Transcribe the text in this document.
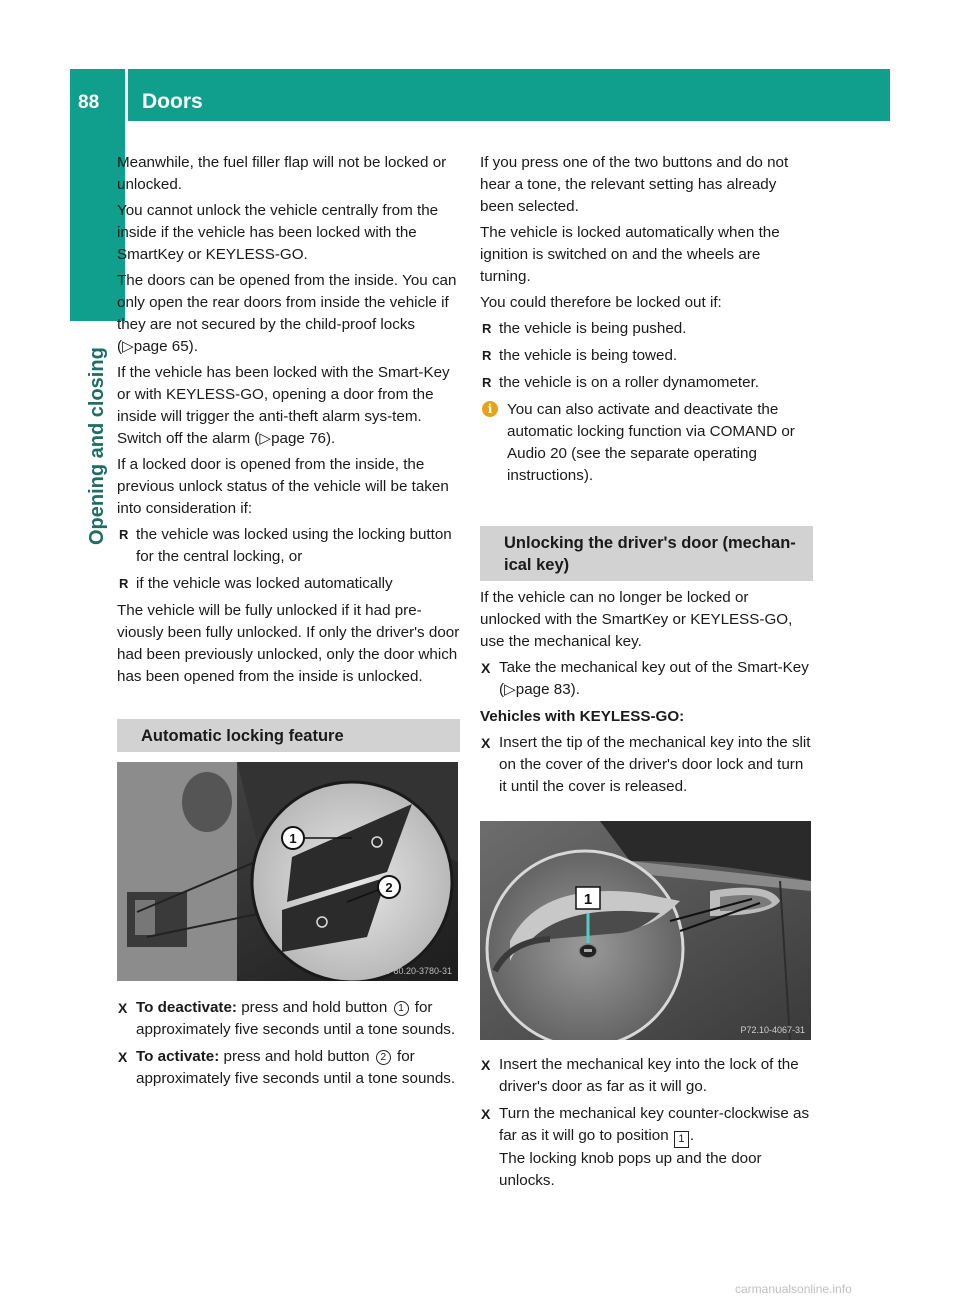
88 Doors
Opening and closing

Meanwhile, the fuel filler flap will not be locked or unlocked.

You cannot unlock the vehicle centrally from the inside if the vehicle has been locked with the SmartKey or KEYLESS-GO.

The doors can be opened from the inside. You can only open the rear doors from inside the vehicle if they are not secured by the child-proof locks (▷page 65).

If the vehicle has been locked with the Smart-Key or with KEYLESS-GO, opening a door from the inside will trigger the anti-theft alarm sys-tem. Switch off the alarm (▷page 76).

If a locked door is opened from the inside, the previous unlock status of the vehicle will be taken into consideration if:

R the vehicle was locked using the locking button for the central locking, or
R if the vehicle was locked automatically

The vehicle will be fully unlocked if it had pre-viously been fully unlocked. If only the driver's door had been previously unlocked, only the door which has been opened from the inside is unlocked.

Automatic locking feature
1
2
P80.20-3780-31
X To deactivate: press and hold button 1 for approximately five seconds until a tone sounds.
X To activate: press and hold button 2 for approximately five seconds until a tone sounds.

If you press one of the two buttons and do not hear a tone, the relevant setting has already been selected.

The vehicle is locked automatically when the ignition is switched on and the wheels are turning.

You could therefore be locked out if:

R the vehicle is being pushed.
R the vehicle is being towed.
R the vehicle is on a roller dynamometer.
i You can also activate and deactivate the automatic locking function via COMAND or Audio 20 (see the separate operating instructions).
Unlocking the driver's door (mechan-ical key)

If the vehicle can no longer be locked or unlocked with the SmartKey or KEYLESS-GO, use the mechanical key.

X Take the mechanical key out of the Smart-Key (▷page 83).

Vehicles with KEYLESS-GO:

X Insert the tip of the mechanical key into the slit on the cover of the driver's door lock and turn it until the cover is released.
1
P72.10-4067-31
X Insert the mechanical key into the lock of the driver's door as far as it will go.
X Turn the mechanical key counter-clockwise as far as it will go to position 1 .
The locking knob pops up and the door unlocks.
carmanualsonline.info
